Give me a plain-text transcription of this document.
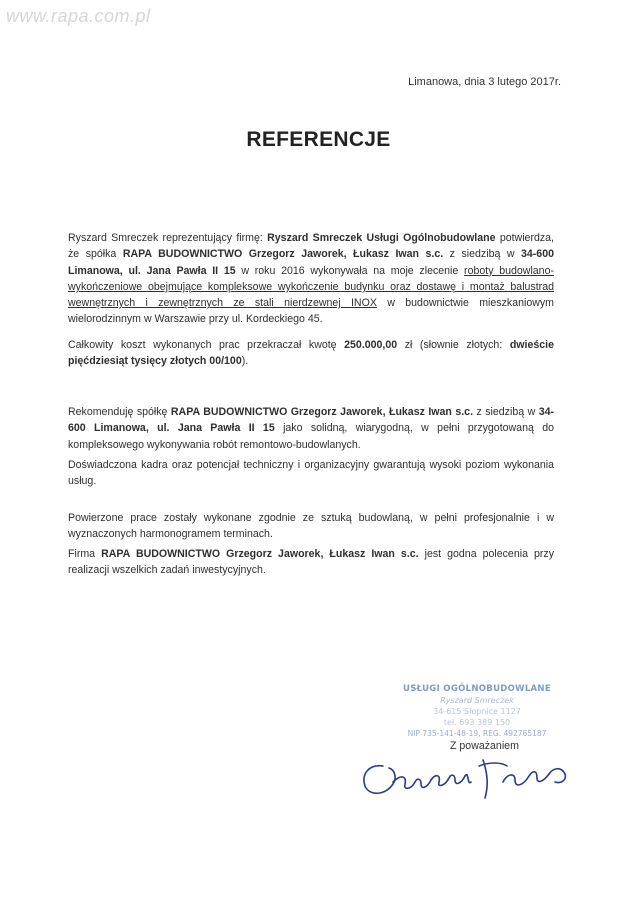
www.rapa.com.pl
Limanowa, dnia 3 lutego 2017r.
REFERENCJE

Ryszard Smreczek reprezentujący firmę: Ryszard Smreczek Usługi Ogólnobudowlane potwierdza, że spółka RAPA BUDOWNICTWO Grzegorz Jaworek, Łukasz Iwan s.c. z siedzibą w 34-600 Limanowa, ul. Jana Pawła II 15 w roku 2016 wykonywała na moje zlecenie roboty budowlano-wykończeniowe obejmujące kompleksowe wykończenie budynku oraz dostawę i montaż balustrad wewnętrznych i zewnętrznych ze stali nierdzewnej INOX w budownictwie mieszkaniowym wielorodzinnym w Warszawie przy ul. Kordeckiego 45.

Całkowity koszt wykonanych prac przekraczał kwotę 250.000,00 zł (słownie złotych: dwieście pięćdziesiąt tysięcy złotych 00/100).

Rekomenduję spółkę RAPA BUDOWNICTWO Grzegorz Jaworek, Łukasz Iwan s.c. z siedzibą w 34-600 Limanowa, ul. Jana Pawła II 15 jako solidną, wiarygodną, w pełni przygotowaną do kompleksowego wykonywania robót remontowo-budowlanych.

Doświadczona kadra oraz potencjał techniczny i organizacyjny gwarantują wysoki poziom wykonania usług.

Powierzone prace zostały wykonane zgodnie ze sztuką budowlaną, w pełni profesjonalnie i w wyznaczonych harmonogramem terminach.

Firma RAPA BUDOWNICTWO Grzegorz Jaworek, Łukasz Iwan s.c. jest godna polecenia przy realizacji wszelkich zadań inwestycyjnych.

USŁUGI OGÓLNOBUDOWLANE
Ryszard Smreczek
34-615 Słopnice 1127
tel. 693 389 150
NIP 735-141-48-19, REG. 492765187
Z poważaniem
